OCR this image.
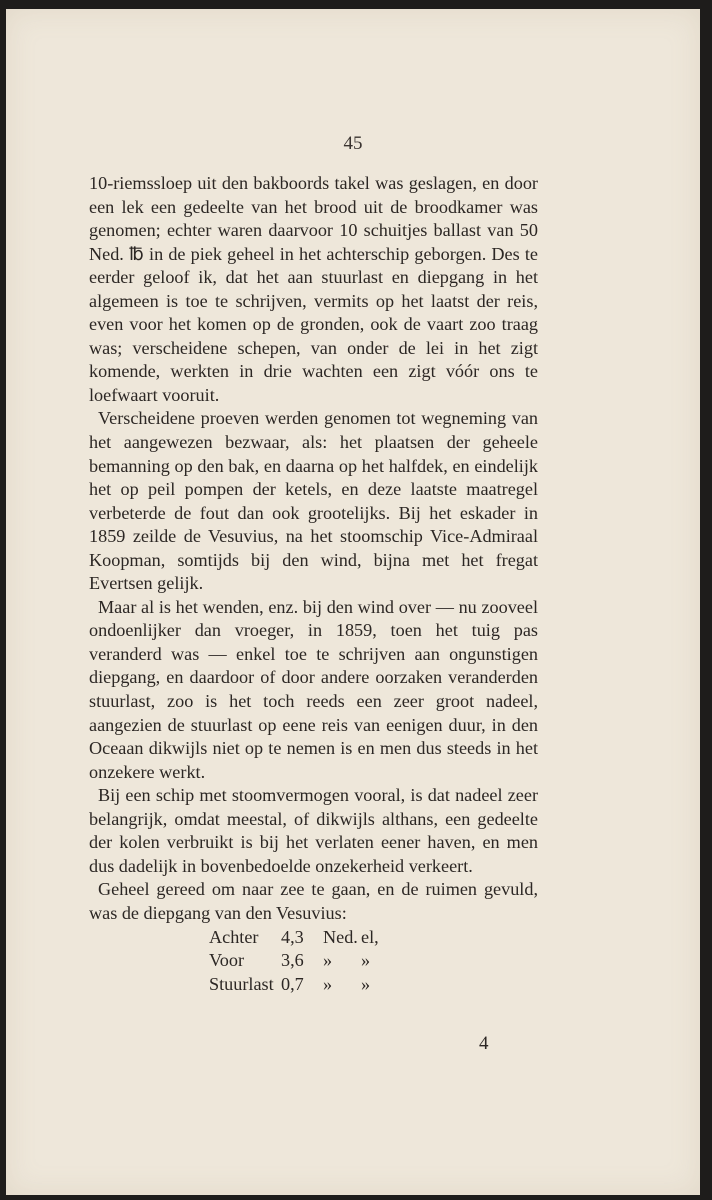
45

10-riemssloep uit den bakboords takel was geslagen, en door een lek een gedeelte van het brood uit de broodkamer was genomen; echter waren daarvoor 10 schuitjes ballast van 50 Ned. ℔ in de piek geheel in het achterschip geborgen. Des te eerder geloof ik, dat het aan stuurlast en diepgang in het algemeen is toe te schrijven, vermits op het laatst der reis, even voor het komen op de gronden, ook de vaart zoo traag was; verscheidene schepen, van onder de lei in het zigt komende, werkten in drie wachten een zigt vóór ons te loefwaart vooruit.

Verscheidene proeven werden genomen tot wegneming van het aangewezen bezwaar, als: het plaatsen der geheele bemanning op den bak, en daarna op het halfdek, en eindelijk het op peil pompen der ketels, en deze laatste maatregel verbeterde de fout dan ook grootelijks. Bij het eskader in 1859 zeilde de Vesuvius, na het stoomschip Vice-Admiraal Koopman, somtijds bij den wind, bijna met het fregat Evertsen gelijk.

Maar al is het wenden, enz. bij den wind over — nu zooveel ondoenlijker dan vroeger, in 1859, toen het tuig pas veranderd was — enkel toe te schrijven aan ongunstigen diepgang, en daardoor of door andere oorzaken veranderden stuurlast, zoo is het toch reeds een zeer groot nadeel, aangezien de stuurlast op eene reis van eenigen duur, in den Oceaan dikwijls niet op te nemen is en men dus steeds in het onzekere werkt.

Bij een schip met stoomvermogen vooral, is dat nadeel zeer belangrijk, omdat meestal, of dikwijls althans, een gedeelte der kolen verbruikt is bij het verlaten eener haven, en men dus dadelijk in bovenbedoelde onzekerheid verkeert.

Geheel gereed om naar zee te gaan, en de ruimen gevuld, was de diepgang van den Vesuvius:

Achter	4,3	Ned. el,
Voor	3,6	»	»
Stuurlast 0,7	»	»
4
